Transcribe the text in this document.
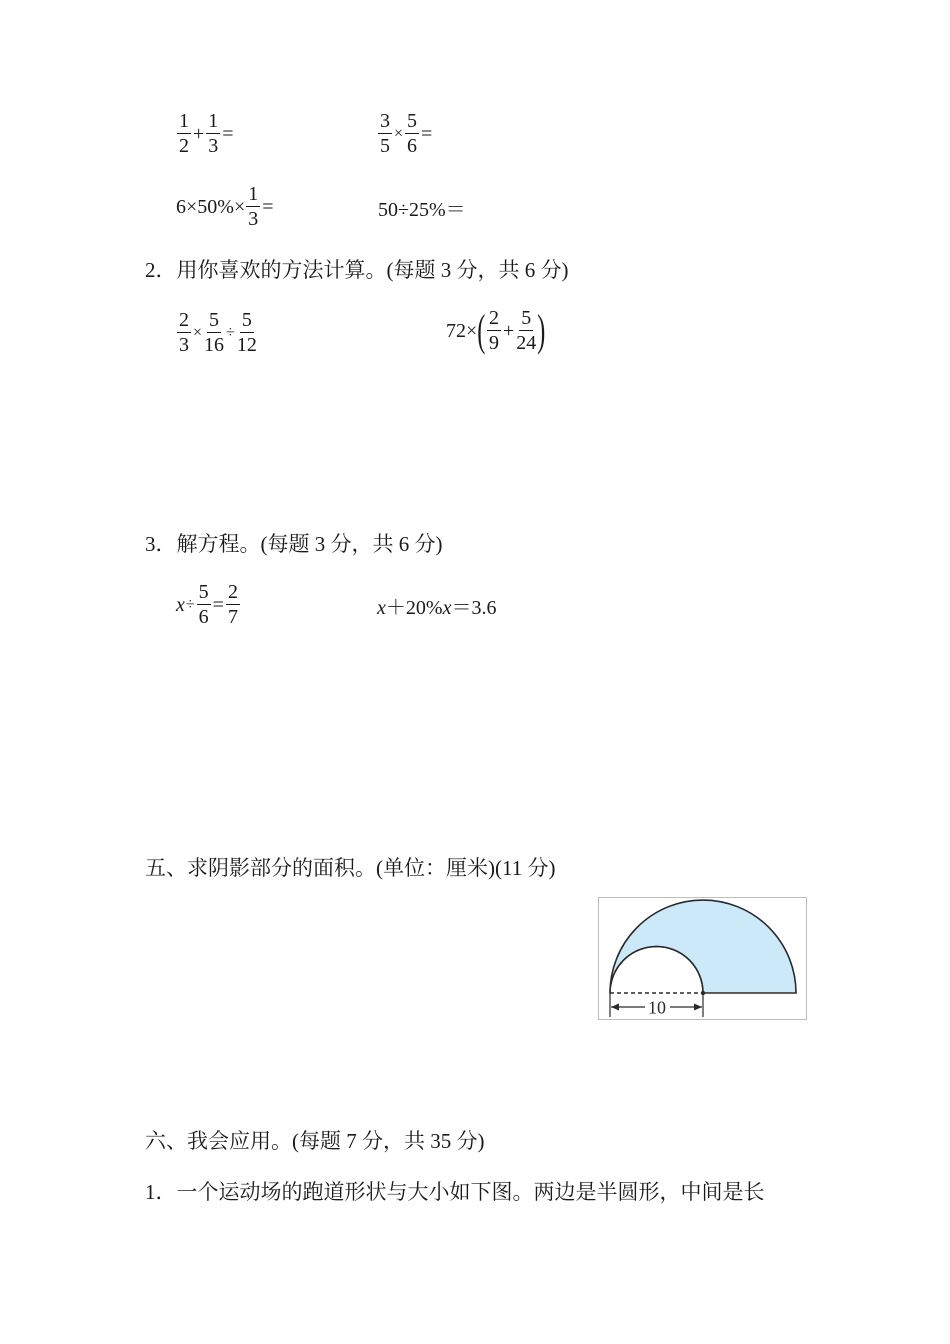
$\frac{1}{2} + \frac{1}{3}$ =	$\frac{3}{5} \times \frac{5}{6}$ =
$6\times 50\%\times \frac{1}{3}$ =	50÷25%＝
2．用你喜欢的方法计算。(每题 3 分，共 6 分)
$\frac{2}{3} \times \frac{5}{16} \div \frac{5}{12}$	72× ( $\frac{2}{9} + \frac{5}{24}$ )
3．解方程。(每题 3 分，共 6 分)
$x \div \frac{5}{6} = \frac{2}{7}$	x ＋20% x ＝3.6
五、求阴影部分的面积。(单位：厘米)(11 分)
10
六、我会应用。(每题 7 分，共 35 分)
1．一个运动场的跑道形状与大小如下图。两边是半圆形，中间是长
